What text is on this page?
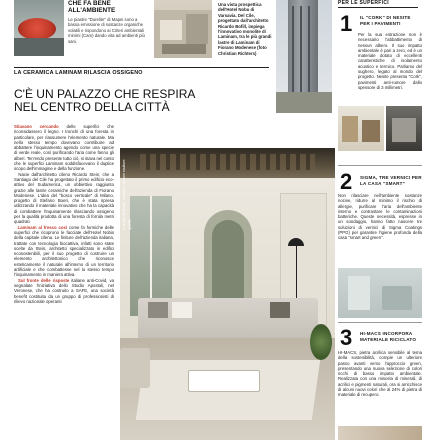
CHE FA BENE ALL'AMBIENTE
Le piastre "Durelite" di Mapei sono a bassa emissione di sostanze organiche volatili e rispondono ai Criteri ambientali minimi (Cam) dando vita ad ambienti più sani.
Una vista prospettica dell'Hotel Nobu di Varsavia. Del Cile, progettato dall'architetto Ricardo Bofill, impiega l'innovativo monolite di Laminam, tra le più grandi lastre di Laminam di Fiorano Modenese (foto Christian Richters)
PER LE SUPERFICI
LA CERAMICA LAMINAM RILASCIA OSSIGENO
C'È UN PALAZZO CHE RESPIRA
NEL CENTRO DELLA CITTÀ
Stiavano cercando delle superfici che riconsidassero il legno. I tronchi di una foresta in particolare, per riassumere l'elemento naturale. Ma nello stesso tempo dovevano contribuire ad abbattere l'inquinamento agendo come una specie di verde reale, così purificando l'aria come fanno gli alberi. Ten'endo presente tutto ciò, si stava nel conto che le superfici Laminam soddisfacevano il duplice scopo dell'immagine e della funzione.
Nacie dall'architetto cileno Ricardo Stein, che a Santiago del Cile ha progettato il primo edificio eco-attivo del Sudamerica, un obbiettivo raggiunto grazie alle lastre ceramiche dell'azienda di Fiorano Modenese. L'idea del "bosco verticale" di Milano, progetto di Stefano Boeri, che è stata ripresa utilizzando il materiale innovativo che ha la capacità di combattere l'inquinamento rilasciando ossigeno per la qualità prodotta di una foresta di fornila metri quadrati.
Laminam al fresco così come fa formiche delle superfici che ricoprono le facciate dell'Hotel Nobis della capitale cilena. Le finiture dell'azienda italiana, trattate con tecnologia biocattiva, infatti sono state scelte da Stein, architetto specializzato in edifici ecosostenibili, per il suo progetto di costruire un elemento architettonico che riconosce esteticamente il naturale all'interno di un territorio artificiale e che combattesse nel lo stesso tempo l'inquinamento in maniera attiva.
Sul fronte delle risposte italiane anti-Covid, va segnalate l'iniziativa dello Studio Apostoli, nel Veronese, che ha costruito a SAFE, una società benefit costituita da un gruppo di professionisti di rilievo nazionale operanti
Il design di Mirbel, rivestito e alcune sculture qualità
1 IL "CORK" DI NESITE PER I PAVIMENTI
Per la sua estrazione non è necessario l'abbattimento di nessun albero. Il suo impatto ambientale è pari a zero, ed è un materiale dotato di eccellenti caratteristiche di isolamento acustico e termico. Parliamo del sughero, legato al mondo del progetto. Nesite presenta "Cork", pavimenti anti-rumore dallo spessore di 3 millimetri.
2 SIGMA, TRE VERNICI PER LA CASA "SMART"
Non rilasciare nell'ambiente sostanze nocive, ridurre al minimo il rischio di allergie, purificare l'aria dell'ambiente interno e contrastare le contaminazioni batteriche. Queste necessità, espresse in un sondaggio, hanno fatto nascere tre soluzioni di vernici di Sigma Coatings (PPG) per garantire l'igiene profonda della casa "smart and green".
3 HI-MACS INCORPORA MATERIALE RICICLATO
HI-MACS, pietra acrilica sensibile al tema della sostenibilità, compie un ulteriore passo avanti verso l'approccio green, presentando una nuova selezione di colori ricchi di basso impatto ambientale. Realizzata con una miscela di minerali, di acrilici e pigmenti naturali, ora si arricchisce di alcuni nuovi colori che al 24% di pietra di materiale di recupero.
